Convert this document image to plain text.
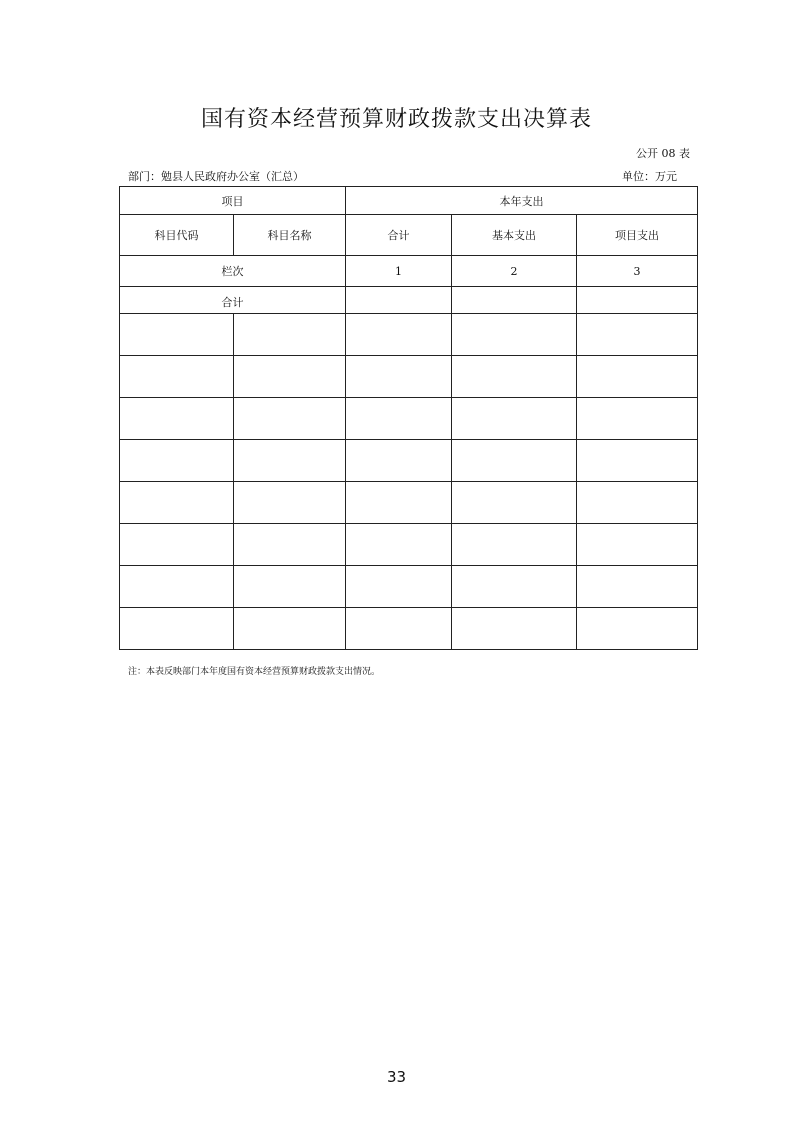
国有资本经营预算财政拨款支出决算表
公开 08 表
部门：勉县人民政府办公室（汇总）	单位：万元
项目		本年支出		
科目代码	科目名称	合计	基本支出	项目支出
栏次		1	2	3
合计				

注：本表反映部门本年度国有资本经营预算财政拨款支出情况。
33
